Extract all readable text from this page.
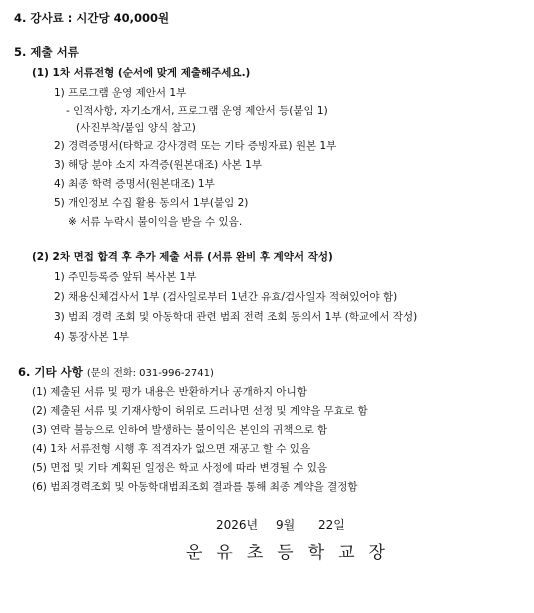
4. 강사료 : 시간당 40,000원
5. 제출 서류
(1) 1차 서류전형 (순서에 맞게 제출해주세요.)
1) 프로그램 운영 제안서 1부
- 인적사항, 자기소개서, 프로그램 운영 제안서 등(붙임 1)
(사진부착/붙임 양식 참고)
2) 경력증명서(타학교 강사경력 또는 기타 증빙자료) 원본 1부
3) 해당 분야 소지 자격증(원본대조) 사본 1부
4) 최종 학력 증명서(원본대조) 1부
5) 개인정보 수집 활용 동의서 1부(붙임 2)
※ 서류 누락시 불이익을 받을 수 있음.
(2) 2차 면접 합격 후 추가 제출 서류 (서류 완비 후 계약서 작성)
1) 주민등록증 앞뒤 복사본 1부
2) 채용신체검사서 1부 (검사일로부터 1년간 유효/검사일자 적혀있어야 함)
3) 범죄 경력 조회 및 아동학대 관련 범죄 전력 조회 동의서 1부 (학교에서 작성)
4) 통장사본 1부
6. 기타 사항 (문의 전화: 031-996-2741)
(1) 제출된 서류 및 평가 내용은 반환하거나 공개하지 아니함
(2) 제출된 서류 및 기재사항이 허위로 드러나면 선정 및 계약을 무효로 함
(3) 연락 불능으로 인하여 발생하는 불이익은 본인의 귀책으로 함
(4) 1차 서류전형 시행 후 적격자가 없으면 재공고 할 수 있음
(5) 면접 및 기타 계획된 일정은 학교 사정에 따라 변경될 수 있음
(6) 범죄경력조회 및 아동학대범죄조회 결과를 통해 최종 계약을 결정함
2026년 9월 22일
운유초등학교장
